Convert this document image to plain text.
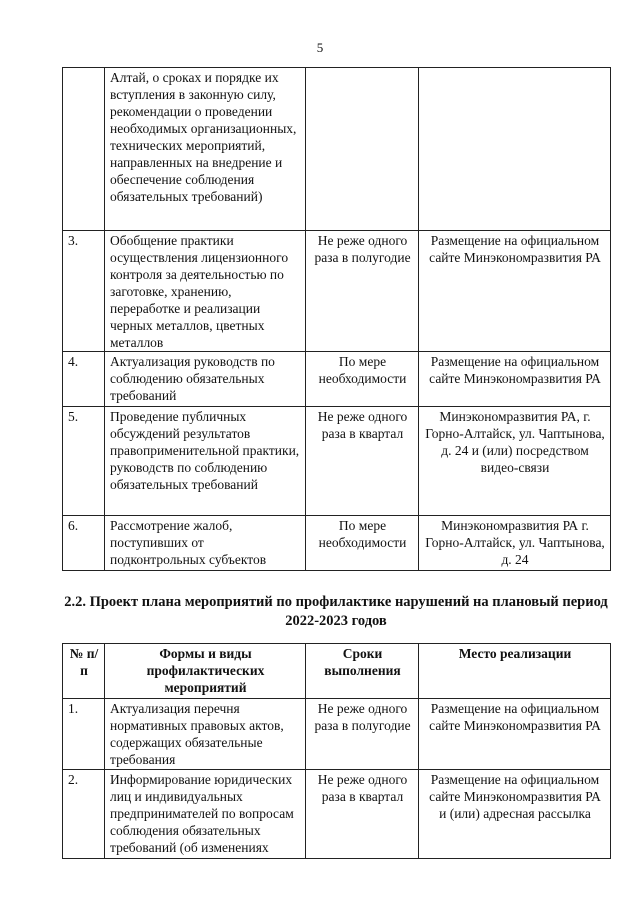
5
	Алтай, о сроках и порядке их вступления в законную силу, рекомендации о проведении необходимых организационных, технических мероприятий, направленных на внедрение и обеспечение соблюдения обязательных требований)		
3.	Обобщение практики осуществления лицензионного контроля за деятельностью по заготовке, хранению, переработке и реализации черных металлов, цветных металлов	Не реже одного раза в полугодие	Размещение на официальном сайте Минэкономразвития РА
4.	Актуализация руководств по соблюдению обязательных требований	По мере необходимости	Размещение на официальном сайте Минэкономразвития РА
5.	Проведение публичных обсуждений результатов правоприменительной практики, руководств по соблюдению обязательных требований	Не реже одного раза в квартал	Минэкономразвития РА, г. Горно-Алтайск, ул. Чаптынова, д. 24 и (или) посредством видео-связи
6.	Рассмотрение жалоб, поступивших от подконтрольных субъектов	По мере необходимости	Минэкономразвития РА г. Горно-Алтайск, ул. Чаптынова, д. 24
2.2. Проект плана мероприятий по профилактике нарушений на плановый период 2022-2023 годов
№ п/п	Формы и виды профилактических мероприятий	Сроки выполнения	Место реализации
1.	Актуализация перечня нормативных правовых актов, содержащих обязательные требования	Не реже одного раза в полугодие	Размещение на официальном сайте Минэкономразвития РА
2.	Информирование юридических лиц и индивидуальных предпринимателей по вопросам соблюдения обязательных требований (об изменениях	Не реже одного раза в квартал	Размещение на официальном сайте Минэкономразвития РА и (или) адресная рассылка
